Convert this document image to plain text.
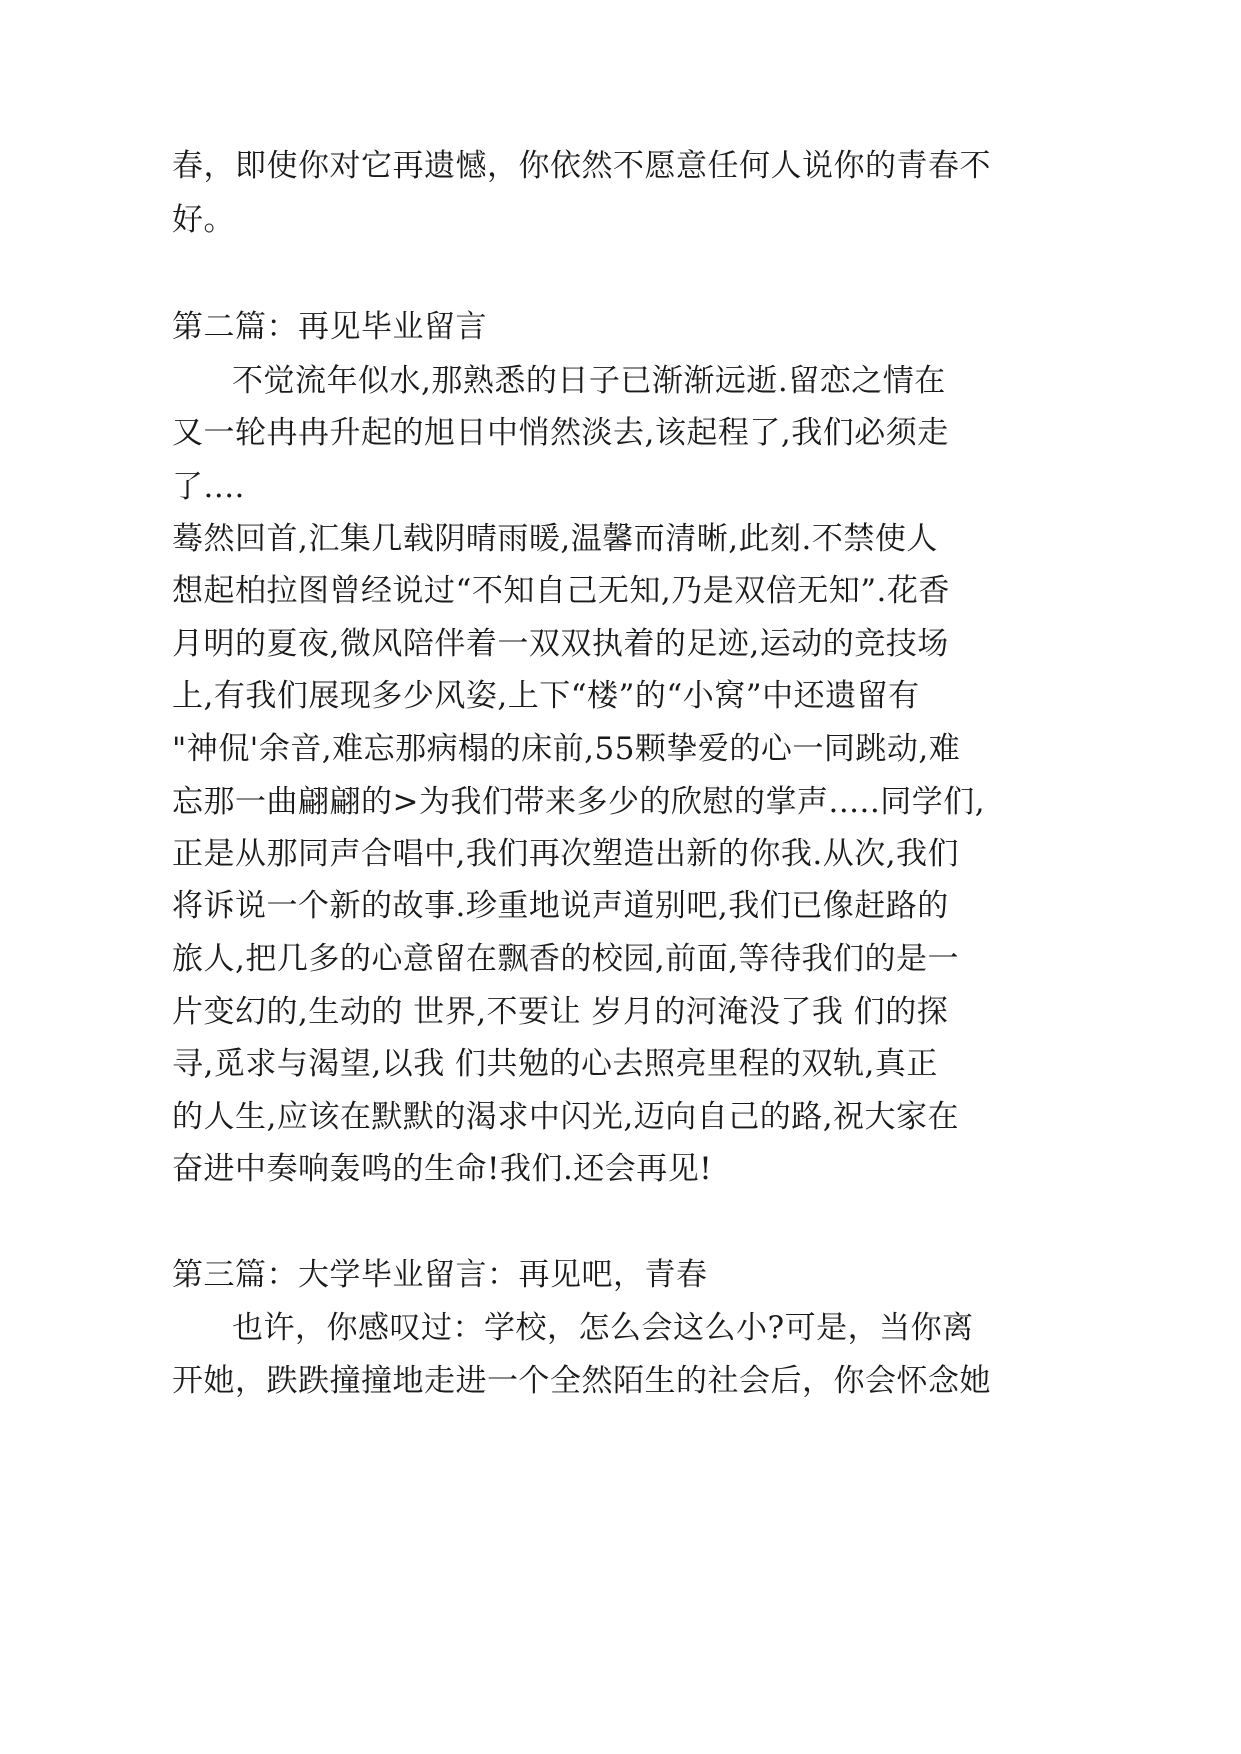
春，即使你对它再遗憾，你依然不愿意任何人说你的青春不
好。
第二篇：再见毕业留言
不觉流年似水,那熟悉的日子已渐渐远逝.留恋之情在
又一轮冉冉升起的旭日中悄然淡去,该起程了,我们必须走
了....
蓦然回首,汇集几载阴晴雨暖,温馨而清晰,此刻.不禁使人
想起柏拉图曾经说过“不知自己无知,乃是双倍无知”.花香
月明的夏夜,微风陪伴着一双双执着的足迹,运动的竞技场
上,有我们展现多少风姿,上下“楼”的“小窝”中还遗留有
"神侃'余音,难忘那病榻的床前,55颗挚爱的心一同跳动,难
忘那一曲翩翩的>为我们带来多少的欣慰的掌声.....同学们,
正是从那同声合唱中,我们再次塑造出新的你我.从次,我们
将诉说一个新的故事.珍重地说声道别吧,我们已像赶路的
旅人,把几多的心意留在飘香的校园,前面,等待我们的是一
片变幻的,生动的 世界,不要让 岁月的河淹没了我 们的探
寻,觅求与渴望,以我 们共勉的心去照亮里程的双轨,真正
的人生,应该在默默的渴求中闪光,迈向自己的路,祝大家在
奋进中奏响轰鸣的生命!我们.还会再见!
第三篇：大学毕业留言：再见吧，青春
也许，你感叹过：学校，怎么会这么小?可是，当你离
开她，跌跌撞撞地走进一个全然陌生的社会后，你会怀念她
